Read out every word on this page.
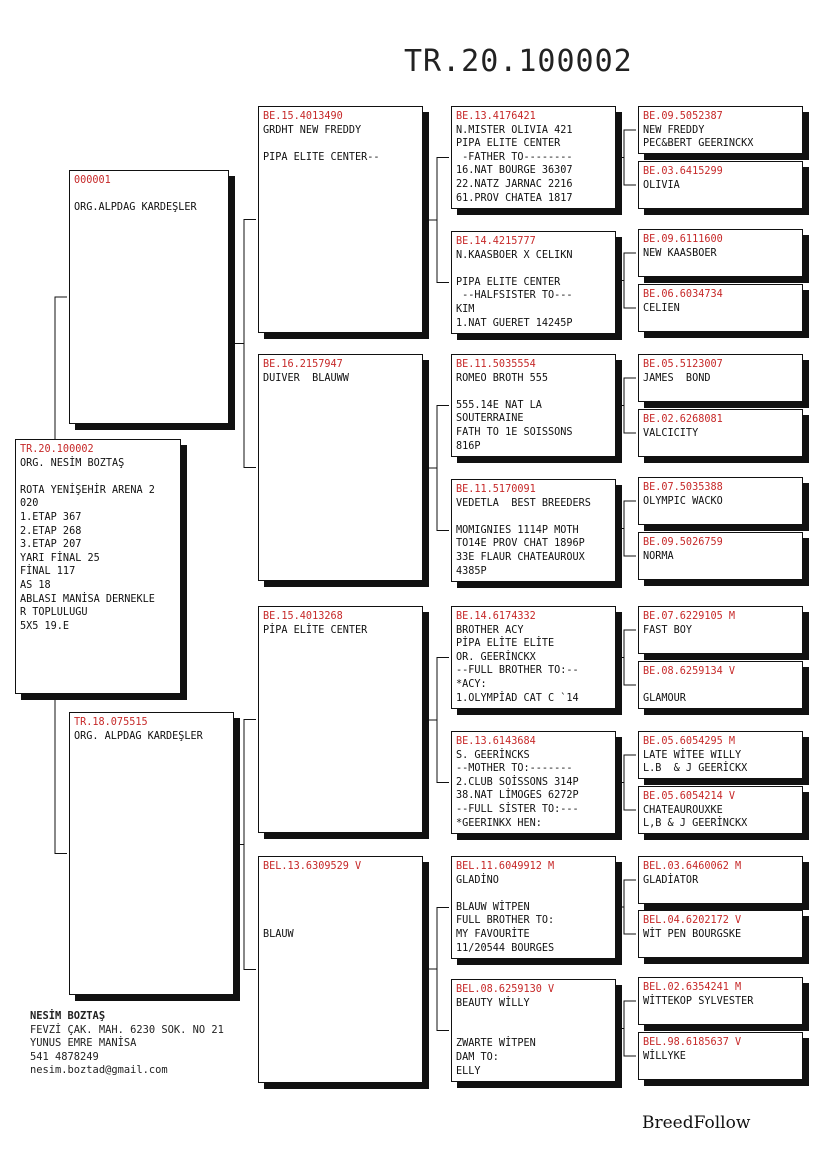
TR.20.100002
TR.20.100002
ORG. NESİM BOZTAŞ
ROTA YENİŞEHİR ARENA 2
020
1.ETAP 367
2.ETAP 268
3.ETAP 207
YARI FİNAL 25
FİNAL 117
AS 18
ABLASI MANİSA DERNEKLE
R TOPLULUGU
5X5 19.E
000001
ORG.ALPDAG KARDEŞLER
TR.18.075515
ORG. ALPDAG KARDEŞLER
BE.15.4013490
GRDHT NEW FREDDY
PIPA ELITE CENTER--
BE.16.2157947
DUIVER  BLAUWW
BE.15.4013268
PİPA ELİTE CENTER
BEL.13.6309529 V
BLAUW
BE.13.4176421
N.MISTER OLIVIA 421
PIPA ELITE CENTER
-FATHER TO--------
16.NAT BOURGE 36307
22.NATZ JARNAC 2216
61.PROV CHATEA 1817
BE.14.4215777
N.KAASBOER X CELIKN
PIPA ELITE CENTER
--HALFSISTER TO---
KIM
1.NAT GUERET 14245P
BE.11.5035554
ROMEO BROTH 555
555.14E NAT LA
SOUTERRAINE
FATH TO 1E SOISSONS
816P
BE.11.5170091
VEDETLA  BEST BREEDERS
MOMIGNIES 1114P MOTH
TO14E PROV CHAT 1896P
33E FLAUR CHATEAUROUX
4385P
BE.14.6174332
BROTHER ACY
PİPA ELİTE ELİTE
OR. GEERİNCKX
--FULL BROTHER TO:--
*ACY:
1.OLYMPİAD CAT C `14
BE.13.6143684
S. GEERİNCKS
--MOTHER TO:-------
2.CLUB SOİSSONS 314P
38.NAT LİMOGES 6272P
--FULL SİSTER TO:---
*GEERINKX HEN:
BEL.11.6049912 M
GLADİNO
BLAUW WİTPEN
FULL BROTHER TO:
MY FAVOURİTE
11/20544 BOURGES
BEL.08.6259130 V
BEAUTY WİLLY
ZWARTE WİTPEN
DAM TO:
ELLY
BE.09.5052387
NEW FREDDY
PEC&BERT GEERINCKX
BE.03.6415299
OLIVIA
BE.09.6111600
NEW KAASBOER
BE.06.6034734
CELIEN
BE.05.5123007
JAMES  BOND
BE.02.6268081
VALCICITY
BE.07.5035388
OLYMPIC WACKO
BE.09.5026759
NORMA
BE.07.6229105 M
FAST BOY
BE.08.6259134 V
GLAMOUR
BE.05.6054295 M
LATE WİTEE WILLY
L.B  & J GEERİCKX
BE.05.6054214 V
CHATEAUROUXKE
L,B & J GEERİNCKX
BEL.03.6460062 M
GLADİATOR
BEL.04.6202172 V
WİT PEN BOURGSKE
BEL.02.6354241 M
WİTTEKOP SYLVESTER
BEL.98.6185637 V
WİLLYKE
NESİM BOZTAŞ
FEVZİ ÇAK. MAH. 6230 SOK. NO 21
YUNUS EMRE MANİSA
541 4878249
nesim.boztad@gmail.com
BreedFollow
